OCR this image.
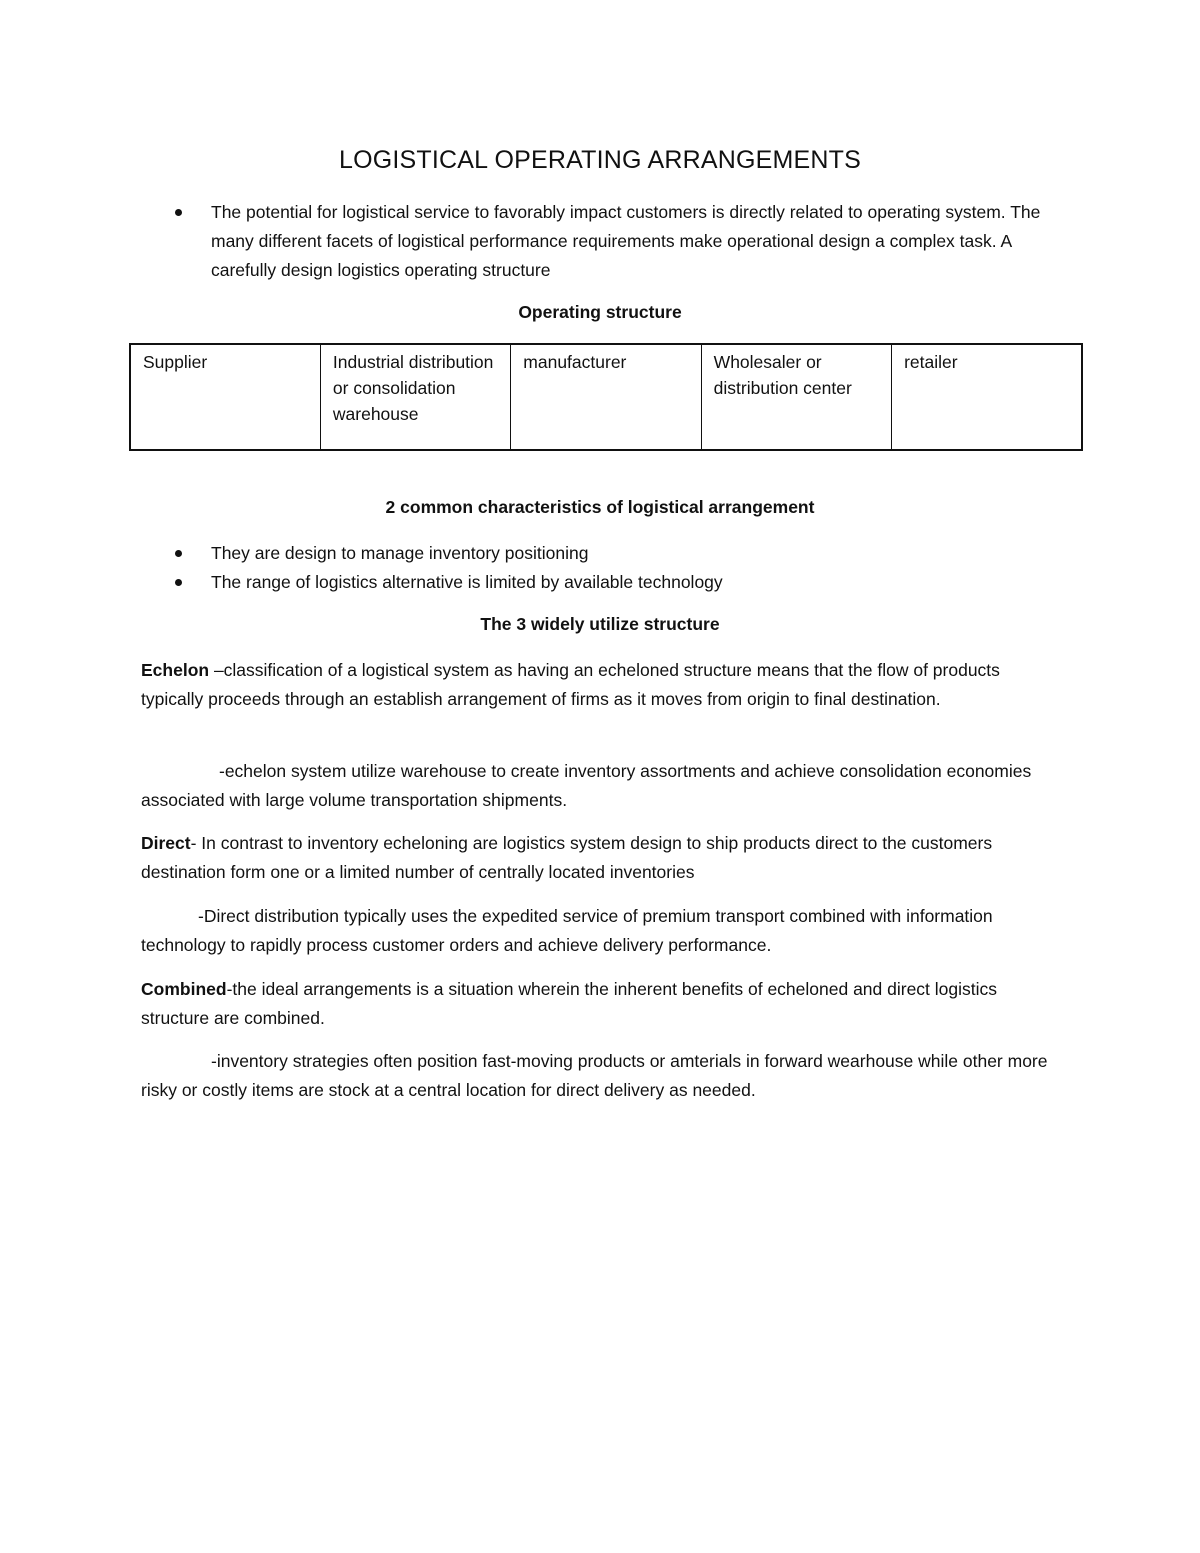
LOGISTICAL OPERATING ARRANGEMENTS
The potential for logistical service to favorably impact customers is directly related to operating system. The many different facets of logistical performance requirements make operational design a complex task. A carefully design logistics operating structure
Operating structure
Supplier	Industrial distribution or consolidation warehouse	manufacturer	Wholesaler or distribution center	retailer
2 common characteristics of logistical arrangement
They are design to manage inventory positioning
The range of logistics alternative is limited by available technology
The 3 widely utilize structure

Echelon –classification of a logistical system as having an echeloned structure means that the flow of products typically proceeds through an establish arrangement of firms as it moves from origin to final destination.

-echelon system utilize warehouse to create inventory assortments and achieve consolidation economies associated with large volume transportation shipments.

Direct- In contrast to inventory echeloning are logistics system design to ship products direct to the customers destination form one or a limited number of centrally located inventories

-Direct distribution typically uses the expedited service of premium transport combined with information technology to rapidly process customer orders and achieve delivery performance.

Combined-the ideal arrangements is a situation wherein the inherent benefits of echeloned and direct logistics structure are combined.

-inventory strategies often position fast-moving products or amterials in forward wearhouse while other more risky or costly items are stock at a central location for direct delivery as needed.
